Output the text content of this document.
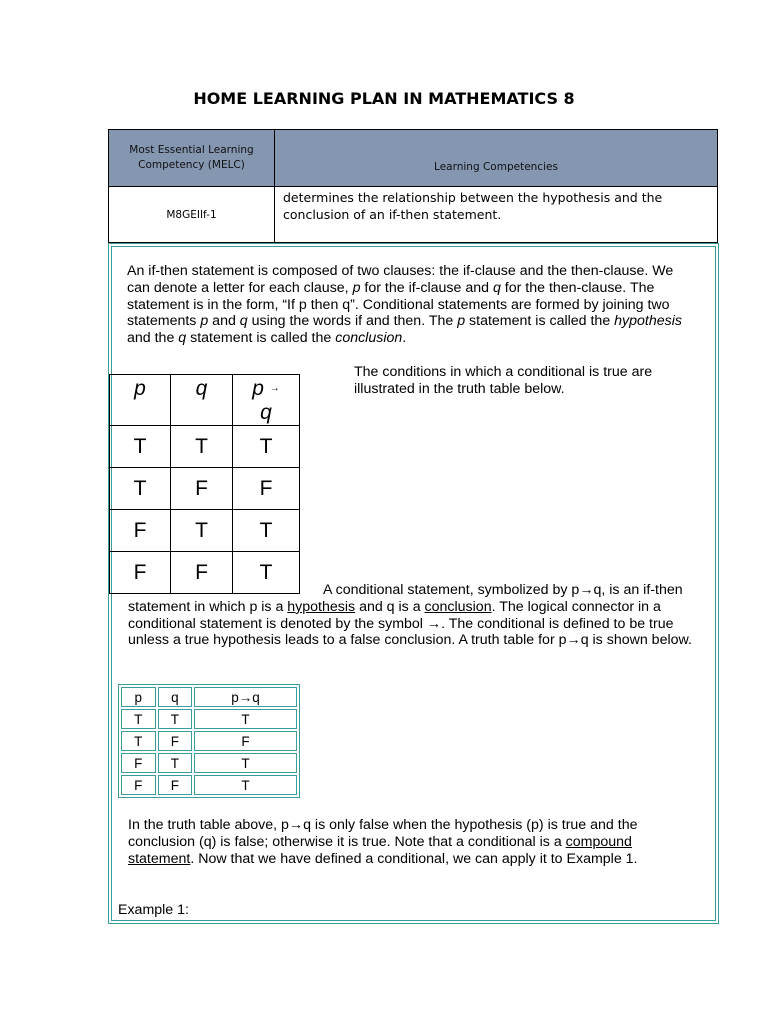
HOME LEARNING PLAN IN MATHEMATICS 8
Most Essential Learning Competency (MELC)	Learning Competencies
M8GEIIf-1	determines the relationship between the hypothesis and the conclusion of an if-then statement.
An if-then statement is composed of two clauses: the if-clause and the then-clause. We can denote a letter for each clause, p for the if-clause and q for the then-clause. The statement is in the form, “If p then q”. Conditional statements are formed by joining two statements p and q using the words if and then. The p statement is called the hypothesis and the q statement is called the conclusion.
The conditions in which a conditional is true are illustrated in the truth table below.
p	q	p →
q
T	T	T
T	F	F
F	T	T
F	F	T
A conditional statement, symbolized by p→q, is an if-then statement in which p is a hypothesis and q is a conclusion. The logical connector in a conditional statement is denoted by the symbol →. The conditional is defined to be true unless a true hypothesis leads to a false conclusion. A truth table for p→q is shown below.
p	q	p→q
T	T	T
T	F	F
F	T	T
F	F	T
In the truth table above, p→q is only false when the hypothesis (p) is true and the conclusion (q) is false; otherwise it is true. Note that a conditional is a compound statement. Now that we have defined a conditional, we can apply it to Example 1.
Example 1:
